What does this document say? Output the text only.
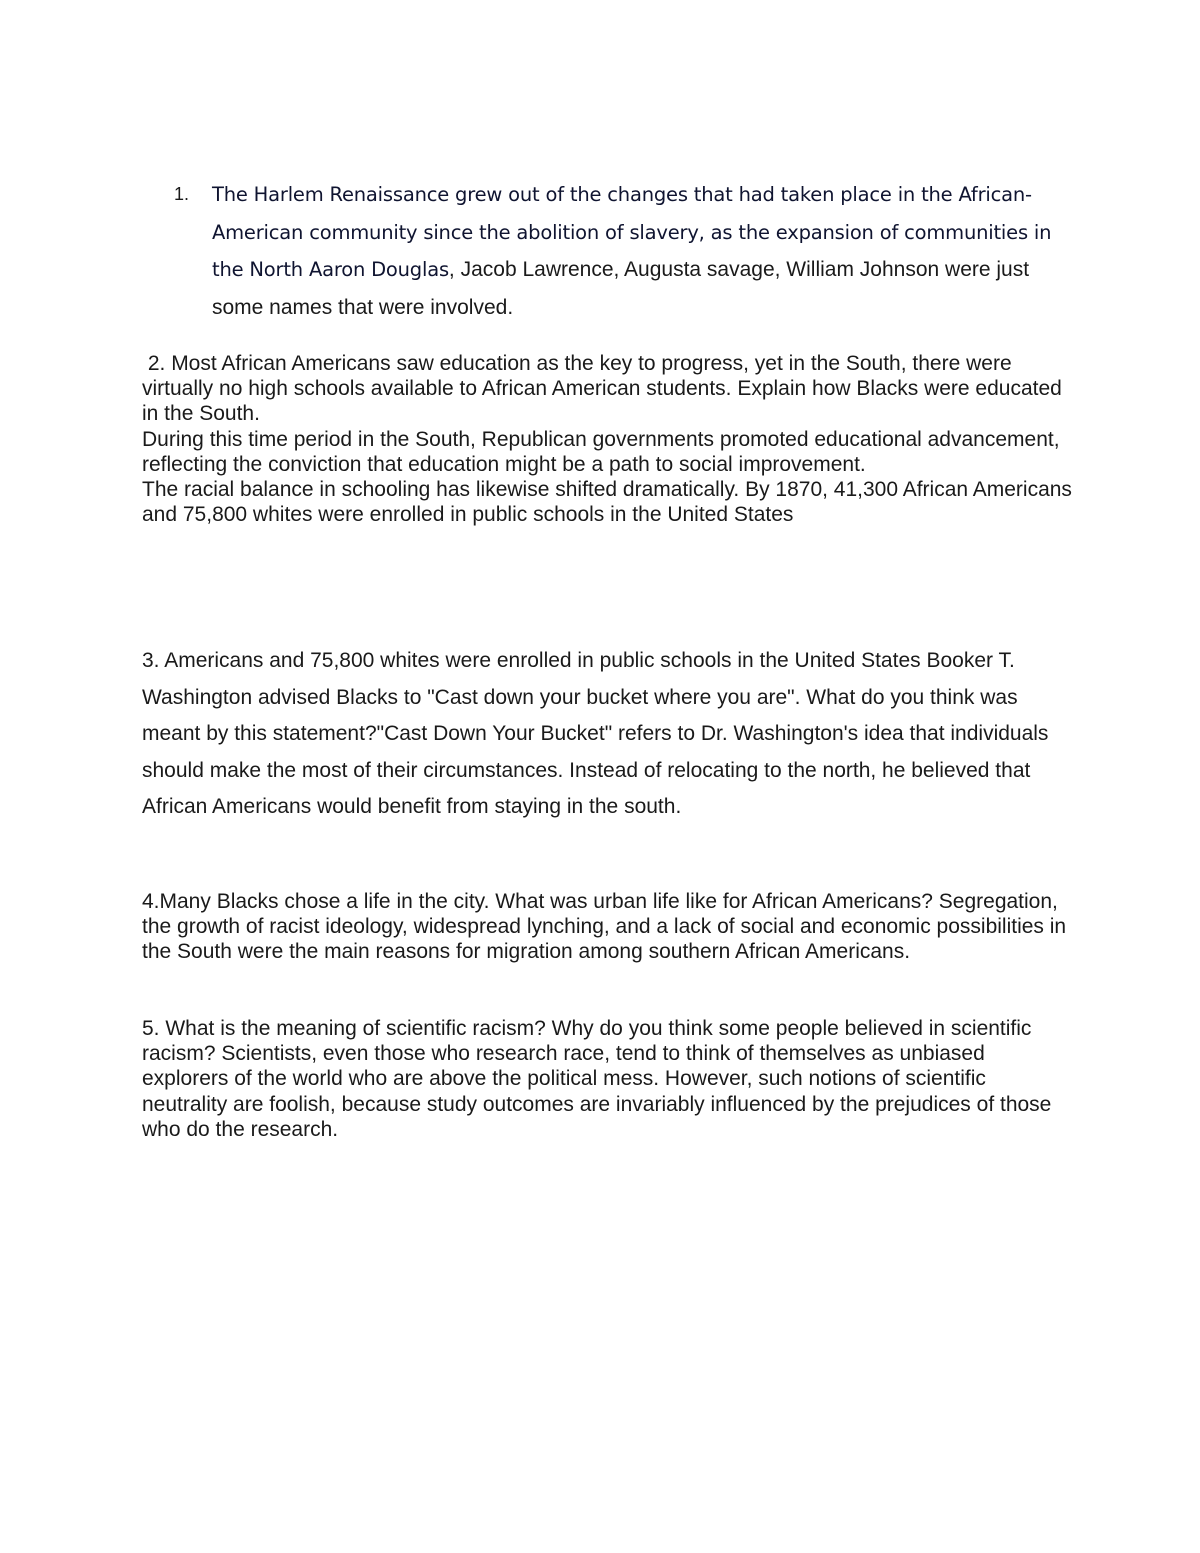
1. The Harlem Renaissance grew out of the changes that had taken place in the African-American community since the abolition of slavery, as the expansion of communities in the North Aaron Douglas, Jacob Lawrence, Augusta savage, William Johnson were just some names that were involved.

2. Most African Americans saw education as the key to progress, yet in the South, there were virtually no high schools available to African American students. Explain how Blacks were educated in the South.

During this time period in the South, Republican governments promoted educational advancement, reflecting the conviction that education might be a path to social improvement.

The racial balance in schooling has likewise shifted dramatically. By 1870, 41,300 African Americans and 75,800 whites were enrolled in public schools in the United States

3. Americans and 75,800 whites were enrolled in public schools in the United States Booker T. Washington advised Blacks to "Cast down your bucket where you are". What do you think was meant by this statement?"Cast Down Your Bucket" refers to Dr. Washington's idea that individuals should make the most of their circumstances. Instead of relocating to the north, he believed that African Americans would benefit from staying in the south.

4.Many Blacks chose a life in the city. What was urban life like for African Americans? Segregation, the growth of racist ideology, widespread lynching, and a lack of social and economic possibilities in the South were the main reasons for migration among southern African Americans.

5. What is the meaning of scientific racism? Why do you think some people believed in scientific racism? Scientists, even those who research race, tend to think of themselves as unbiased explorers of the world who are above the political mess. However, such notions of scientific neutrality are foolish, because study outcomes are invariably influenced by the prejudices of those who do the research.
